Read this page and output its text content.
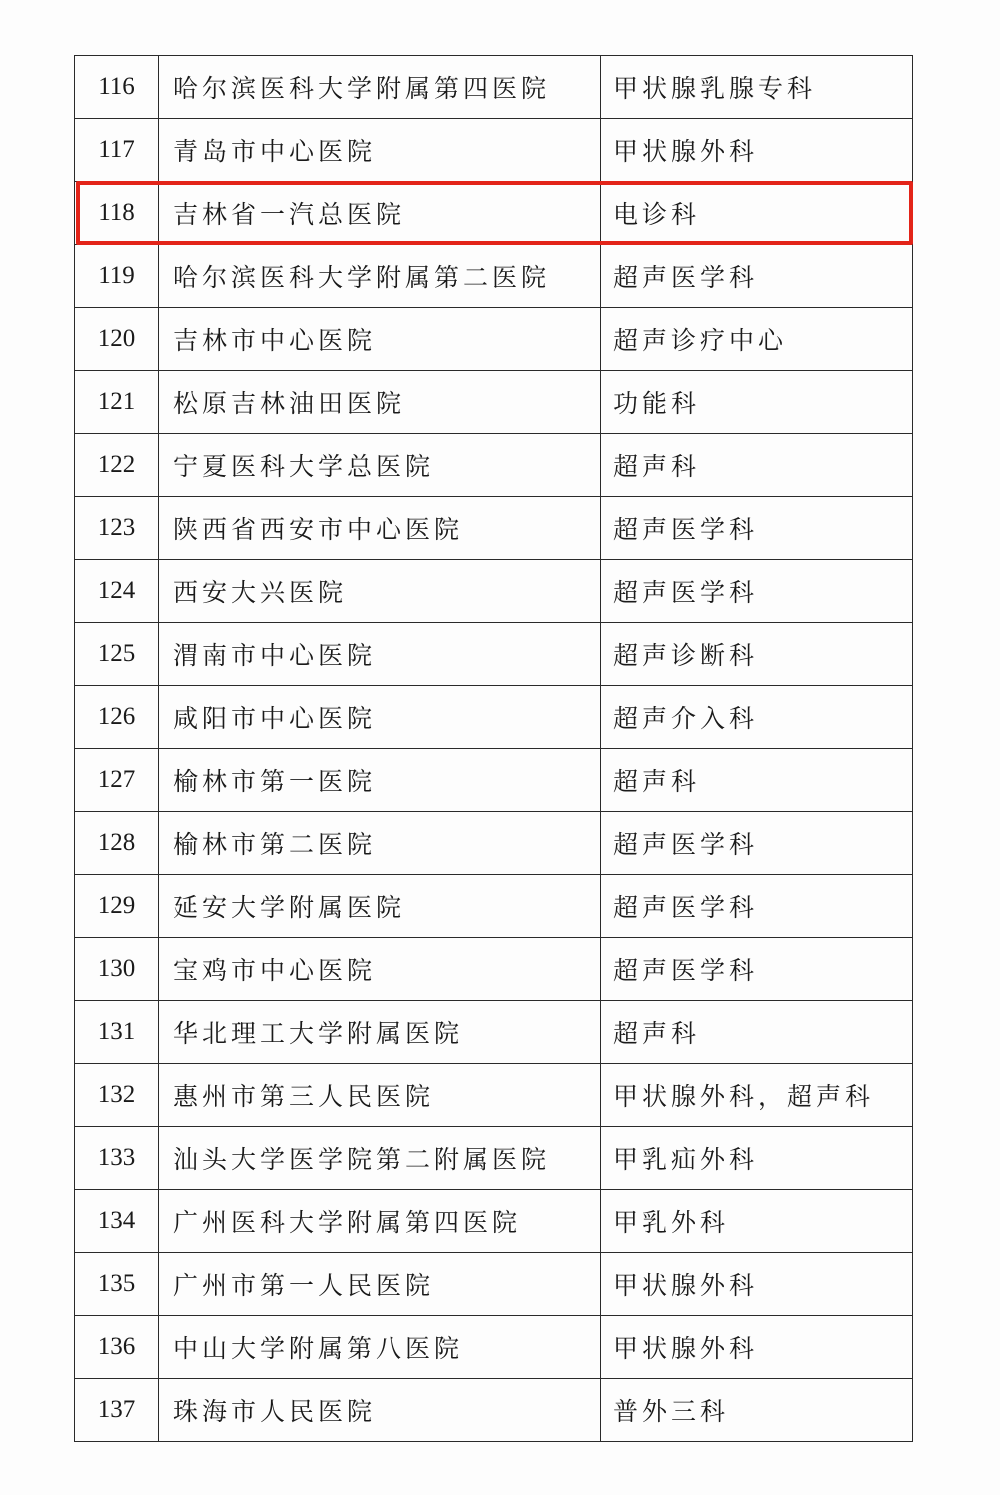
116	哈尔滨医科大学附属第四医院	甲状腺乳腺专科
117	青岛市中心医院	甲状腺外科
118	吉林省一汽总医院	电诊科
119	哈尔滨医科大学附属第二医院	超声医学科
120	吉林市中心医院	超声诊疗中心
121	松原吉林油田医院	功能科
122	宁夏医科大学总医院	超声科
123	陕西省西安市中心医院	超声医学科
124	西安大兴医院	超声医学科
125	渭南市中心医院	超声诊断科
126	咸阳市中心医院	超声介入科
127	榆林市第一医院	超声科
128	榆林市第二医院	超声医学科
129	延安大学附属医院	超声医学科
130	宝鸡市中心医院	超声医学科
131	华北理工大学附属医院	超声科
132	惠州市第三人民医院	甲状腺外科，超声科
133	汕头大学医学院第二附属医院	甲乳疝外科
134	广州医科大学附属第四医院	甲乳外科
135	广州市第一人民医院	甲状腺外科
136	中山大学附属第八医院	甲状腺外科
137	珠海市人民医院	普外三科
